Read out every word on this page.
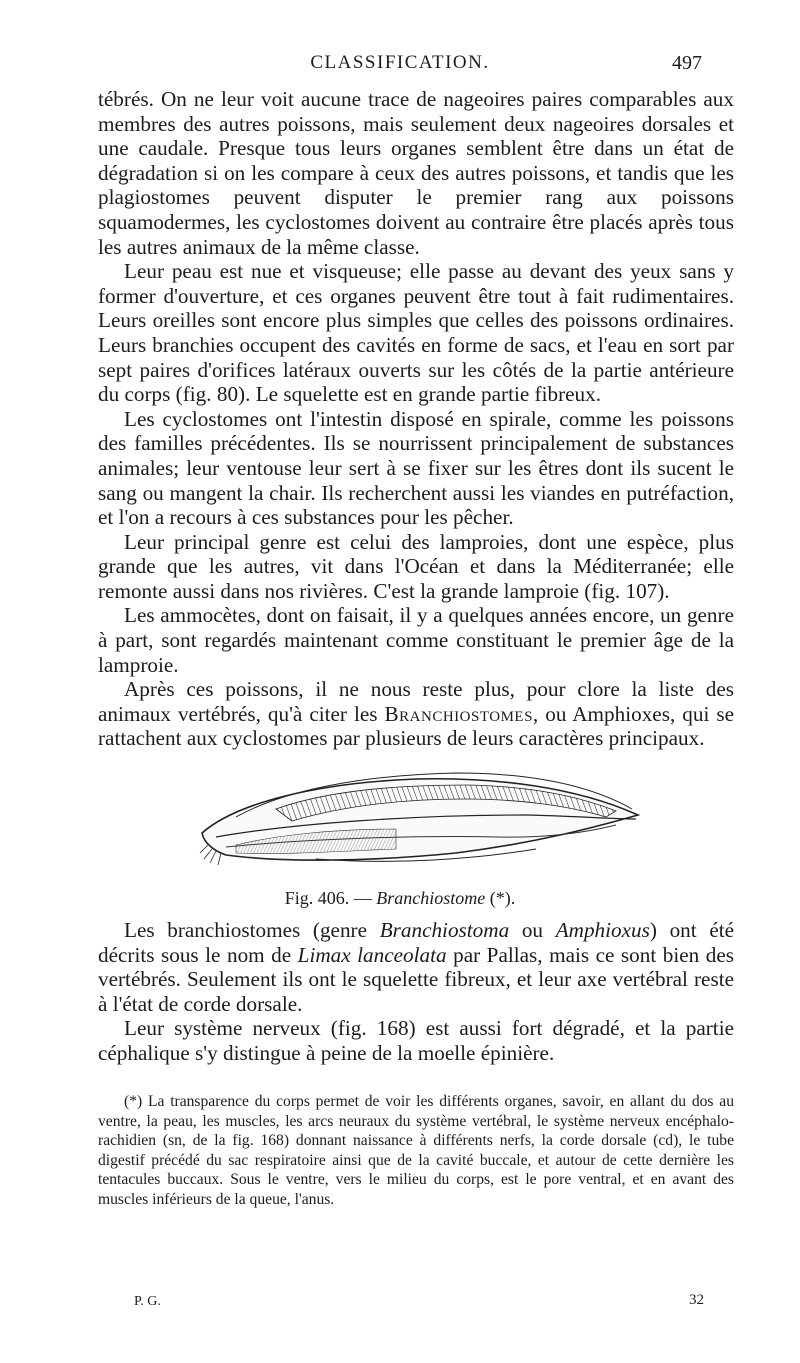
CLASSIFICATION.	497

tébrés. On ne leur voit aucune trace de nageoires paires comparables aux membres des autres poissons, mais seulement deux nageoires dorsales et une caudale. Presque tous leurs organes semblent être dans un état de dégradation si on les compare à ceux des autres poissons, et tandis que les plagiostomes peuvent disputer le premier rang aux poissons squamodermes, les cyclostomes doivent au contraire être placés après tous les autres animaux de la même classe.

Leur peau est nue et visqueuse; elle passe au devant des yeux sans y former d'ouverture, et ces organes peuvent être tout à fait rudimentaires. Leurs oreilles sont encore plus simples que celles des poissons ordinaires. Leurs branchies occupent des cavités en forme de sacs, et l'eau en sort par sept paires d'orifices latéraux ouverts sur les côtés de la partie antérieure du corps (fig. 80). Le squelette est en grande partie fibreux.

Les cyclostomes ont l'intestin disposé en spirale, comme les poissons des familles précédentes. Ils se nourrissent principalement de substances animales; leur ventouse leur sert à se fixer sur les êtres dont ils sucent le sang ou mangent la chair. Ils recherchent aussi les viandes en putréfaction, et l'on a recours à ces substances pour les pêcher.

Leur principal genre est celui des lamproies, dont une espèce, plus grande que les autres, vit dans l'Océan et dans la Méditerranée; elle remonte aussi dans nos rivières. C'est la grande lamproie (fig. 107).

Les ammocètes, dont on faisait, il y a quelques années encore, un genre à part, sont regardés maintenant comme constituant le premier âge de la lamproie.

Après ces poissons, il ne nous reste plus, pour clore la liste des animaux vertébrés, qu'à citer les Branchiostomes, ou Amphioxes, qui se rattachent aux cyclostomes par plusieurs de leurs caractères principaux.

Fig. 406. — Branchiostome (*).

Les branchiostomes (genre Branchiostoma ou Amphioxus) ont été décrits sous le nom de Limax lanceolata par Pallas, mais ce sont bien des vertébrés. Seulement ils ont le squelette fibreux, et leur axe vertébral reste à l'état de corde dorsale.

Leur système nerveux (fig. 168) est aussi fort dégradé, et la partie céphalique s'y distingue à peine de la moelle épinière.

(*) La transparence du corps permet de voir les différents organes, savoir, en allant du dos au ventre, la peau, les muscles, les arcs neuraux du système vertébral, le système nerveux encéphalo-rachidien (sn, de la fig. 168) donnant naissance à différents nerfs, la corde dorsale (cd), le tube digestif précédé du sac respiratoire ainsi que de la cavité buccale, et autour de cette dernière les tentacules buccaux. Sous le ventre, vers le milieu du corps, est le pore ventral, et en avant des muscles inférieurs de la queue, l'anus.

P. G.	32
